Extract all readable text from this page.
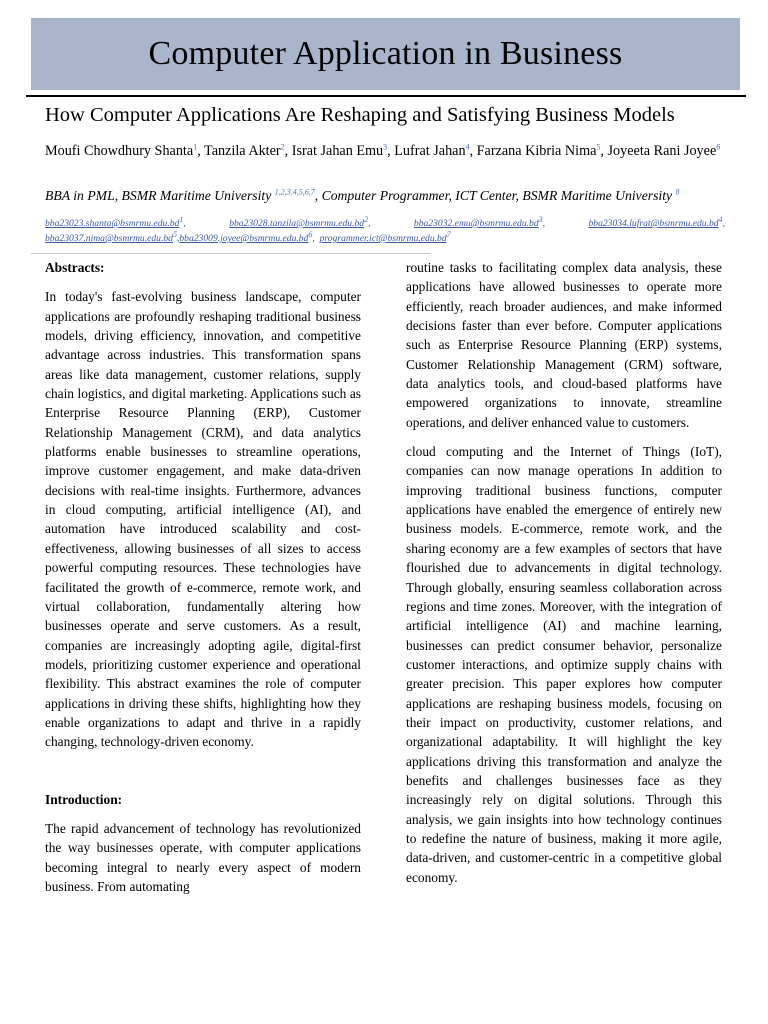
Computer Application in Business
How Computer Applications Are Reshaping and Satisfying Business Models
Moufi Chowdhury Shanta$^1$, Tanzila Akter$^2$, Israt Jahan Emu$^3$, Lufrat Jahan$^4$, Farzana Kibria Nima$^5$, Joyeeta Rani Joyee$^6$
BBA in PML, BSMR Maritime University $^{1,2,3,4,5,6,7}$, Computer Programmer, ICT Center, BSMR Maritime University $^8$
$bba23023.shanta@bsmrmu.edu.bd^1$,	$bba23028.tanzila@bsmrmu.edu.bd^2$,	$bba23032.emu@bsmrmu.edu.bd^3$,	$bba23034.lufrat@bsmrmu.edu.bd^4$, $bba23037.nima@bsmrmu.edu.bd^5,bba23009.joyee@bsmrmu.edu.bd^6$, $programmer.ict@bsmrmu.edu.bd^7$
Abstracts:

In today's fast-evolving business landscape, computer applications are profoundly reshaping traditional business models, driving efficiency, innovation, and competitive advantage across industries. This transformation spans areas like data management, customer relations, supply chain logistics, and digital marketing. Applications such as Enterprise Resource Planning (ERP), Customer Relationship Management (CRM), and data analytics platforms enable businesses to streamline operations, improve customer engagement, and make data-driven decisions with real-time insights. Furthermore, advances in cloud computing, artificial intelligence (AI), and automation have introduced scalability and cost-effectiveness, allowing businesses of all sizes to access powerful computing resources. These technologies have facilitated the growth of e-commerce, remote work, and virtual collaboration, fundamentally altering how businesses operate and serve customers. As a result, companies are increasingly adopting agile, digital-first models, prioritizing customer experience and operational flexibility. This abstract examines the role of computer applications in driving these shifts, highlighting how they enable organizations to adapt and thrive in a rapidly changing, technology-driven economy.

Introduction:

The rapid advancement of technology has revolutionized the way businesses operate, with computer applications becoming integral to nearly every aspect of modern business. From automating

routine tasks to facilitating complex data analysis, these applications have allowed businesses to operate more efficiently, reach broader audiences, and make informed decisions faster than ever before. Computer applications such as Enterprise Resource Planning (ERP) systems, Customer Relationship Management (CRM) software, data analytics tools, and cloud-based platforms have empowered organizations to innovate, streamline operations, and deliver enhanced value to customers.

cloud computing and the Internet of Things (IoT), companies can now manage operations In addition to improving traditional business functions, computer applications have enabled the emergence of entirely new business models. E-commerce, remote work, and the sharing economy are a few examples of sectors that have flourished due to advancements in digital technology. Through globally, ensuring seamless collaboration across regions and time zones. Moreover, with the integration of artificial intelligence (AI) and machine learning, businesses can predict consumer behavior, personalize customer interactions, and optimize supply chains with greater precision. This paper explores how computer applications are reshaping business models, focusing on their impact on productivity, customer relations, and organizational adaptability. It will highlight the key applications driving this transformation and analyze the benefits and challenges businesses face as they increasingly rely on digital solutions. Through this analysis, we gain insights into how technology continues to redefine the nature of business, making it more agile, data-driven, and customer-centric in a competitive global economy.
